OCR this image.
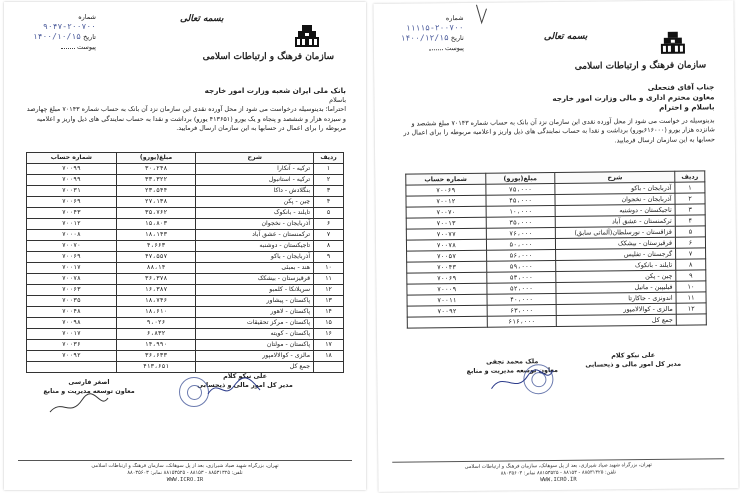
شماره ۲۰۰۷۰۰-۹۰۴۷
تاریخ ۱۴۰۰/۱۰/۱۵
پیوست
بسمه تعالی
سازمان فرهنگ و ارتباطات اسلامی
بانک ملی ایران شعبه وزارت امور خارجه
باسلام
احتراما؛ بدینوسیله درخواست می شود از محل آورده نقدی این سازمان نزد آن بانک به حساب شماره ۷۰۱۴۳ مبلغ چهارصد و سیزده هزار و ششصد و پنجاه و یک یورو (۴۱۳۶۵۱ یورو) برداشت و نقدا به حساب نمایندگی های ذیل واریز و اعلامیه مربوطه را برای اعمال در حسابها به این سازمان ارسال فرمایید.
ردیف	شرح	مبلغ(یورو)	شماره حساب
۱	ترکیه - آنکارا	۳۰،۲۴۸	۷۰۰۹۹
۲	ترکیه - استانبول	۳۳،۳۲۲	۷۰۰۹۹
۳	بنگلادش - داکا	۲۳،۵۴۴	۷۰۰۳۱
۴	چین - پکن	۲۷،۱۳۸	۷۰۰۶۹
۵	تایلند - بانکوک	۳۵،۷۶۲	۷۰۰۴۳
۶	آذربایجان - نخجوان	۱۵،۸۰۳	۷۰۰۱۲
۷	ترکمنستان - عشق آباد	۱۸،۱۴۳	۷۰۰۰۸
۸	تاجیکستان - دوشنبه	۴،۶۶۳	۷۰۰۷۰
۹	آذربایجان - باکو	۴۷،۵۵۷	۷۰۰۶۹
۱۰	هند - بمبئی	۸۸،۱۴	۷۰۰۱۷
۱۱	قرقیزستان - بیشکک	۳۶،۳۷۸	۷۰۰۷۸
۱۲	سریلانکا - کلمبو	۱۶،۳۸۷	۷۰۰۶۳
۱۳	پاکستان - پیشاور	۱۸،۷۴۶	۷۰۰۳۵
۱۴	پاکستان - لاهور	۱۸،۶۱۰	۷۰۰۴۸
۱۵	پاکستان - مرکز تحقیقات	۹،۰۲۶	۷۰۰۹۸
۱۶	پاکستان - کویته	۶،۸۳۲	۷۰۰۱۷
۱۷	پاکستان - مولتان	۱۴،۹۹۰	۷۰۰۳۶
۱۸	مالزی - کوالالامپور	۳۶،۶۳۳	۷۰۰۹۲
	جمع کل	۴۱۳،۶۵۱	
علی نیکو کلام
مدیر کل امور مالی و ذیحسابی
اصغر فارسی
معاون توسعه مدیریت و منابع
تهران، بزرگراه شهید صیاد شیرازی، بعد از پل سوهانک، سازمان فرهنگ و ارتباطات اسلامی
تلفن: ۸۸۵۳۱۳۲۵ - ۸۸۱۵۳ - ۸۸۱۵۳۵۲۵ نمابر: ۸۸۰۳۵۶۰۳
WWW.ICRO.IR
شماره ۲۰۰۷۰۰-۱۱۱۱۵
تاریخ ۱۴۰۰/۱۲/۱۵
پیوست
بسمه تعالی
سازمان فرهنگ و ارتباطات اسلامی
جناب آقای فتحعلی
معاون محترم اداری و مالی وزارت امور خارجه
باسلام و احترام
بدینوسیله در خواست می شود از محل آورده نقدی این سازمان نزد آن بانک به حساب شماره ۷۰۱۴۳ مبلغ ششصد و شانزده هزار یورو (۶۱۶۰۰۰یورو) برداشت و نقدا به حساب نمایندگی های ذیل واریز و اعلامیه مربوطه را برای اعمال در حسابها به این سازمان ارسال فرمایید.
ردیف	شرح	مبلغ(یورو)	شماره حساب
۱	آذربایجان - باکو	۷۵،۰۰۰	۷۰۰۶۹
۲	آذربایجان - نخجوان	۴۵،۰۰۰	۷۰۰۱۲
۳	تاجیکستان - دوشنبه	۱۰،۰۰۰	۷۰۰۷۰
۴	ترکمنستان - عشق آباد	۳۵،۰۰۰	۷۰۰۱۳
۵	قزاقستان - نورسلطان(آلماتی سابق)	۷۶،۰۰۰	۷۰۰۷۷
۶	قرقیزستان - بیشکک	۵۰،۰۰۰	۷۰۰۷۸
۷	گرجستان - تفلیس	۵۶،۰۰۰	۷۰۰۵۷
۸	تایلند - بانکوک	۵۹،۰۰۰	۷۰۰۴۳
۹	چین - پکن	۵۳،۰۰۰	۷۰۰۶۹
۱۰	فیلیپین - مانیل	۵۲،۰۰۰	۷۰۰۰۹
۱۱	اندونزی - جاکارتا	۴۰،۰۰۰	۷۰۰۱۱
۱۲	مالزی - کوالالامپور	۶۳،۰۰۰	۷۰۰۹۲
	جمع کل	۶۱۶،۰۰۰	
علی نیکو کلام
مدیر کل امور مالی و ذیحسابی
ملک محمد نجفی
معاون توسعه مدیریت و منابع
تهران، بزرگراه شهید صیاد شیرازی، بعد از پل سوهانک، سازمان فرهنگ و ارتباطات اسلامی
تلفن: ۸۸۵۳۱۳۲۵ - ۸۸۱۵۳ - ۸۸۱۵۳۵۲۵ نمابر: ۸۸۰۳۵۶۰۳
WWW.ICRO.IR
